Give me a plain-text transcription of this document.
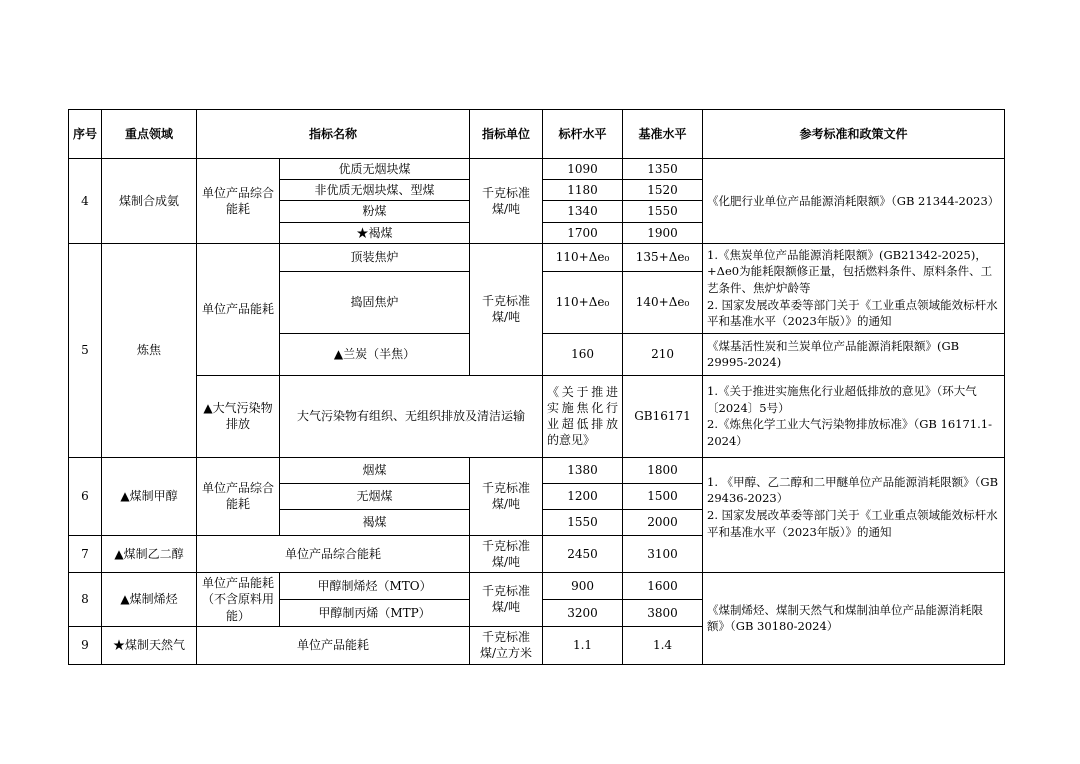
序号	重点领域	指标名称		指标单位	标杆水平	基准水平	参考标准和政策文件
4	煤制合成氨	单位产品综合能耗	优质无烟块煤	千克标准煤/吨	1090	1350	《化肥行业单位产品能源消耗限额》（GB 21344-2023）
			非优质无烟块煤、型煤		1180	1520	
			粉煤		1340	1550	
			★褐煤		1700	1900	
5	炼焦	单位产品能耗	顶装焦炉	千克标准煤/吨	110+Δe₀	135+Δe₀	1.《焦炭单位产品能源消耗限额》(GB21342-2025)，+Δe0为能耗限额修正量，包括燃料条件、原料条件、工艺条件、焦炉炉龄等
2. 国家发展改革委等部门关于《工业重点领域能效标杆水平和基准水平（2023年版）》的通知

			捣固焦炉		110+Δe₀	140+Δe₀	
			▲兰炭（半焦）		160	210	《煤基活性炭和兰炭单位产品能源消耗限额》(GB 29995-2024)
		▲大气污染物排放	大气污染物有组织、无组织排放及清洁运输		《关于推进实施焦化行业超低排放的意见》	GB16171	1.《关于推进实施焦化行业超低排放的意见》（环大气〔2024〕5号）
2.《炼焦化学工业大气污染物排放标准》（GB 16171.1-2024）
6	▲煤制甲醇	单位产品综合能耗	烟煤	千克标准煤/吨	1380	1800	1. 《甲醇、乙二醇和二甲醚单位产品能源消耗限额》（GB 29436-2023）
2. 国家发展改革委等部门关于《工业重点领域能效标杆水平和基准水平（2023年版）》的通知
			无烟煤		1200	1500	
			褐煤		1550	2000	
7	▲煤制乙二醇	单位产品综合能耗		千克标准煤/吨	2450	3100	
8	▲煤制烯烃	单位产品能耗（不含原料用能）	甲醇制烯烃（MTO）	千克标准煤/吨	900	1600	《煤制烯烃、煤制天然气和煤制油单位产品能源消耗限额》（GB 30180-2024）
			甲醇制丙烯（MTP）		3200	3800	
9	★煤制天然气	单位产品能耗		千克标准煤/立方米	1.1	1.4	
